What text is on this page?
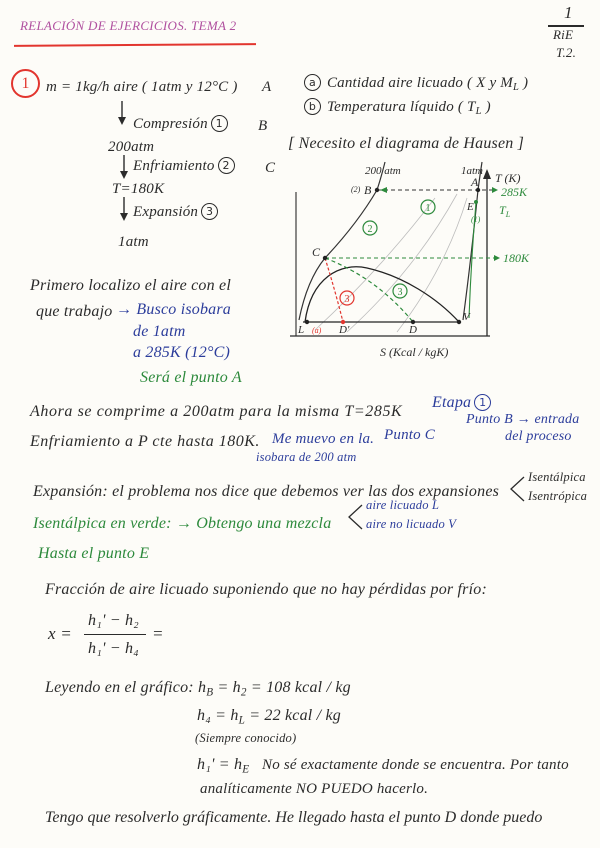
RELACIÓN DE EJERCICIOS. TEMA 2
1
RiE
T.2.
1	m = 1kg/h aire ( 1atm y 12°C ) A
Compresión 1	B
200atm
Enfriamiento 2	C
T=180K
Expansión 3
1atm
a Cantidad aire licuado ( X y $M_L$ )
b Temperatura líquido ( $T_L$ )
[ Necesito el diagrama de Hausen ]
200 atm	1atm T (K)
285K
(2) B
A
E
(1)
$T_L$
1
2
3
3
C	180K
L (a) D'	D
V
S (Kcal / kgK)
Primero localizo el aire con el
que trabajo → Busco isobara
de 1atm
a 285K (12°C)
Será el punto A
Ahora se comprime a 200atm para la misma T=285K
Etapa 1
Punto B → entrada
del proceso
Enfriamiento a P cte hasta 180K. Me muevo en la. Punto C
isobara de 200 atm
Expansión: el problema nos dice que debemos ver las dos expansiones
Isentálpica
Isentrópica
Isentálpica en verde: → Obtengo una mezcla
aire licuado L
aire no licuado V
Hasta el punto E
Fracción de aire licuado suponiendo que no hay pérdidas por frío:
x =
h₁' − h₂
h₁' − h₄
=
Leyendo en el gráfico: $h_B = h_2 = 108$ kcal / kg
$h_4 = h_L = 22$ kcal / kg
(Siempre conocido)
$h_1' = h_E$ No sé exactamente donde se encuentra. Por tanto
analíticamente NO PUEDO hacerlo.
Tengo que resolverlo gráficamente. He llegado hasta el punto D donde puedo
